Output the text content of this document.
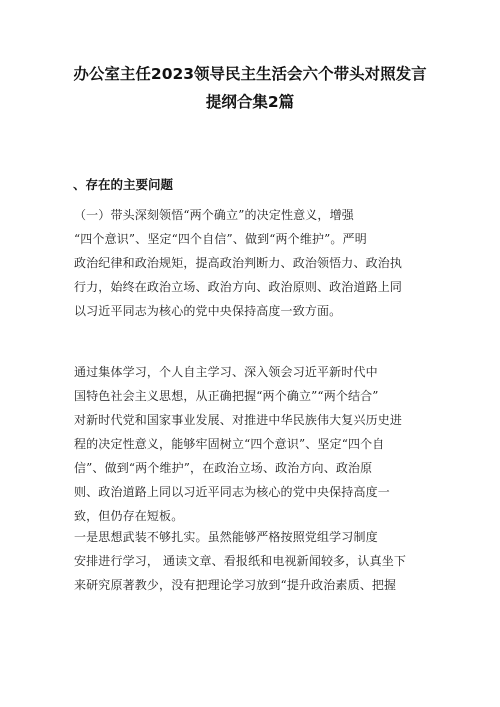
办公室主任2023领导民主生活会六个带头对照发言
提纲合集2篇
、存在的主要问题
（一）带头深刻领悟“两个确立”的决定性意义，增强
“四个意识”、坚定“四个自信”、做到“两个维护”。严明
政治纪律和政治规矩，提高政治判断力、政治领悟力、政治执
行力，始终在政治立场、政治方向、政治原则、政治道路上同
以习近平同志为核心的党中央保持高度一致方面。
通过集体学习，个人自主学习、深入领会习近平新时代中
国特色社会主义思想，从正确把握“两个确立”“两个结合”
对新时代党和国家事业发展、对推进中华民族伟大复兴历史进
程的决定性意义，能够牢固树立“四个意识”、坚定“四个自
信”、做到“两个维护”，在政治立场、政治方向、政治原
则、政治道路上同以习近平同志为核心的党中央保持高度一
致，但仍存在短板。
一是思想武装不够扎实。虽然能够严格按照党组学习制度
安排进行学习， 通读文章、看报纸和电视新闻较多，认真坐下
来研究原著教少，没有把理论学习放到“提升政治素质、把握
